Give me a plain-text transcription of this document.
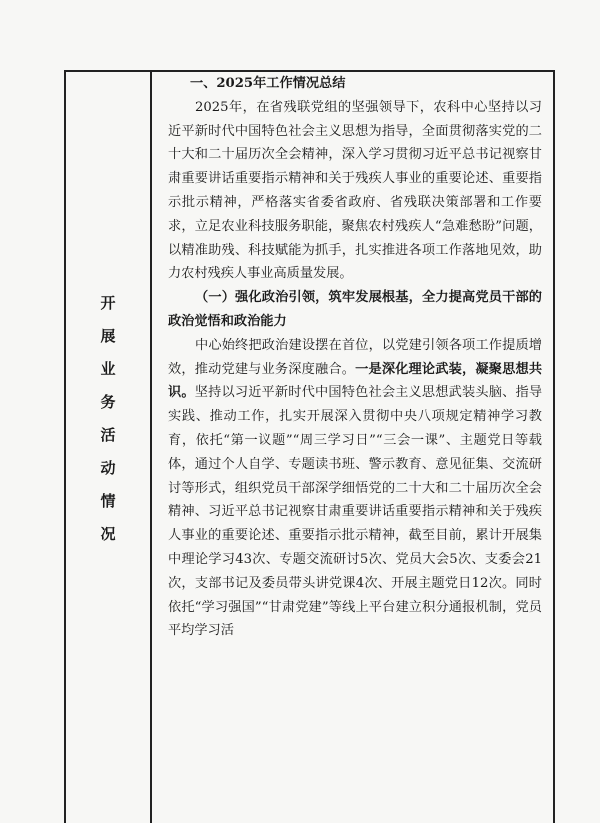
开
展
业
务
活
动
情
况

一、2025年工作情况总结

2025年，在省残联党组的坚强领导下，农科中心坚持以习近平新时代中国特色社会主义思想为指导，全面贯彻落实党的二十大和二十届历次全会精神，深入学习贯彻习近平总书记视察甘肃重要讲话重要指示精神和关于残疾人事业的重要论述、重要指示批示精神，严格落实省委省政府、省残联决策部署和工作要求，立足农业科技服务职能，聚焦农村残疾人“急难愁盼”问题，以精准助残、科技赋能为抓手，扎实推进各项工作落地见效，助力农村残疾人事业高质量发展。

（一）强化政治引领，筑牢发展根基，全力提高党员干部的政治觉悟和政治能力

中心始终把政治建设摆在首位，以党建引领各项工作提质增效，推动党建与业务深度融合。一是深化理论武装，凝聚思想共识。坚持以习近平新时代中国特色社会主义思想武装头脑、指导实践、推动工作，扎实开展深入贯彻中央八项规定精神学习教育，依托“第一议题”“周三学习日”“三会一课”、主题党日等载体，通过个人自学、专题读书班、警示教育、意见征集、交流研讨等形式，组织党员干部深学细悟党的二十大和二十届历次全会精神、习近平总书记视察甘肃重要讲话重要指示精神和关于残疾人事业的重要论述、重要指示批示精神，截至目前，累计开展集中理论学习43次、专题交流研讨5次、党员大会5次、支委会21次，支部书记及委员带头讲党课4次、开展主题党日12次。同时依托“学习强国”“甘肃党建”等线上平台建立积分通报机制，党员平均学习活
